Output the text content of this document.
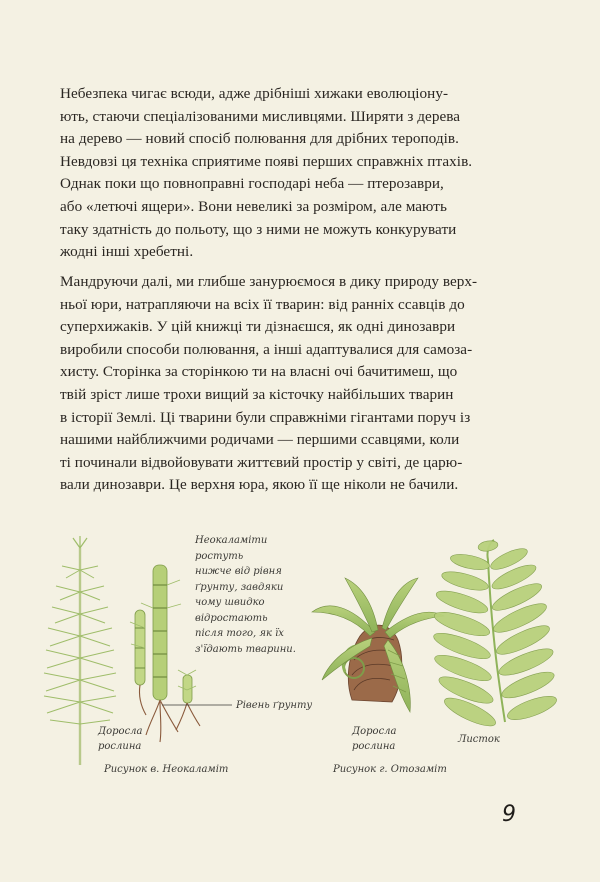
Небезпека чигає всюди, адже дрібніші хижаки еволюціону-
ють, стаючи спеціалізованими мисливцями. Ширяти з дерева
на дерево — новий спосіб полювання для дрібних тероподів.
Невдовзі ця техніка сприятиме появі перших справжніх птахів.
Однак поки що повноправні господарі неба — птерозаври,
або «летючі ящери». Вони невеликі за розміром, але мають
таку здатність до польоту, що з ними не можуть конкурувати
жодні інші хребетні.

Мандруючи далі, ми глибше занурюємося в дику природу верх-
ньої юри, натрапляючи на всіх її тварин: від ранніх ссавців до
суперхижаків. У цій книжці ти дізнаєшся, як одні динозаври
виробили способи полювання, а інші адаптувалися для самоза-
хисту. Сторінка за сторінкою ти на власні очі бачитимеш, що
твій зріст лише трохи вищий за кісточку найбільших тварин
в історії Землі. Ці тварини були справжніми гігантами поруч із
нашими найближчими родичами — першими ссавцями, коли
ті починали відвойовувати життєвий простір у світі, де царю-
вали динозаври. Це верхня юра, якою її ще ніколи не бачили.

Неокаламіти
ростуть
нижче від рівня
ґрунту, завдяки
чому швидко
відростають
після того, як їх
з'їдають тварини.
Рівень ґрунту
Доросла
рослина
Рисунок в. Неокаламіт
Доросла
рослина
Листок
Рисунок г. Отозаміт
9
